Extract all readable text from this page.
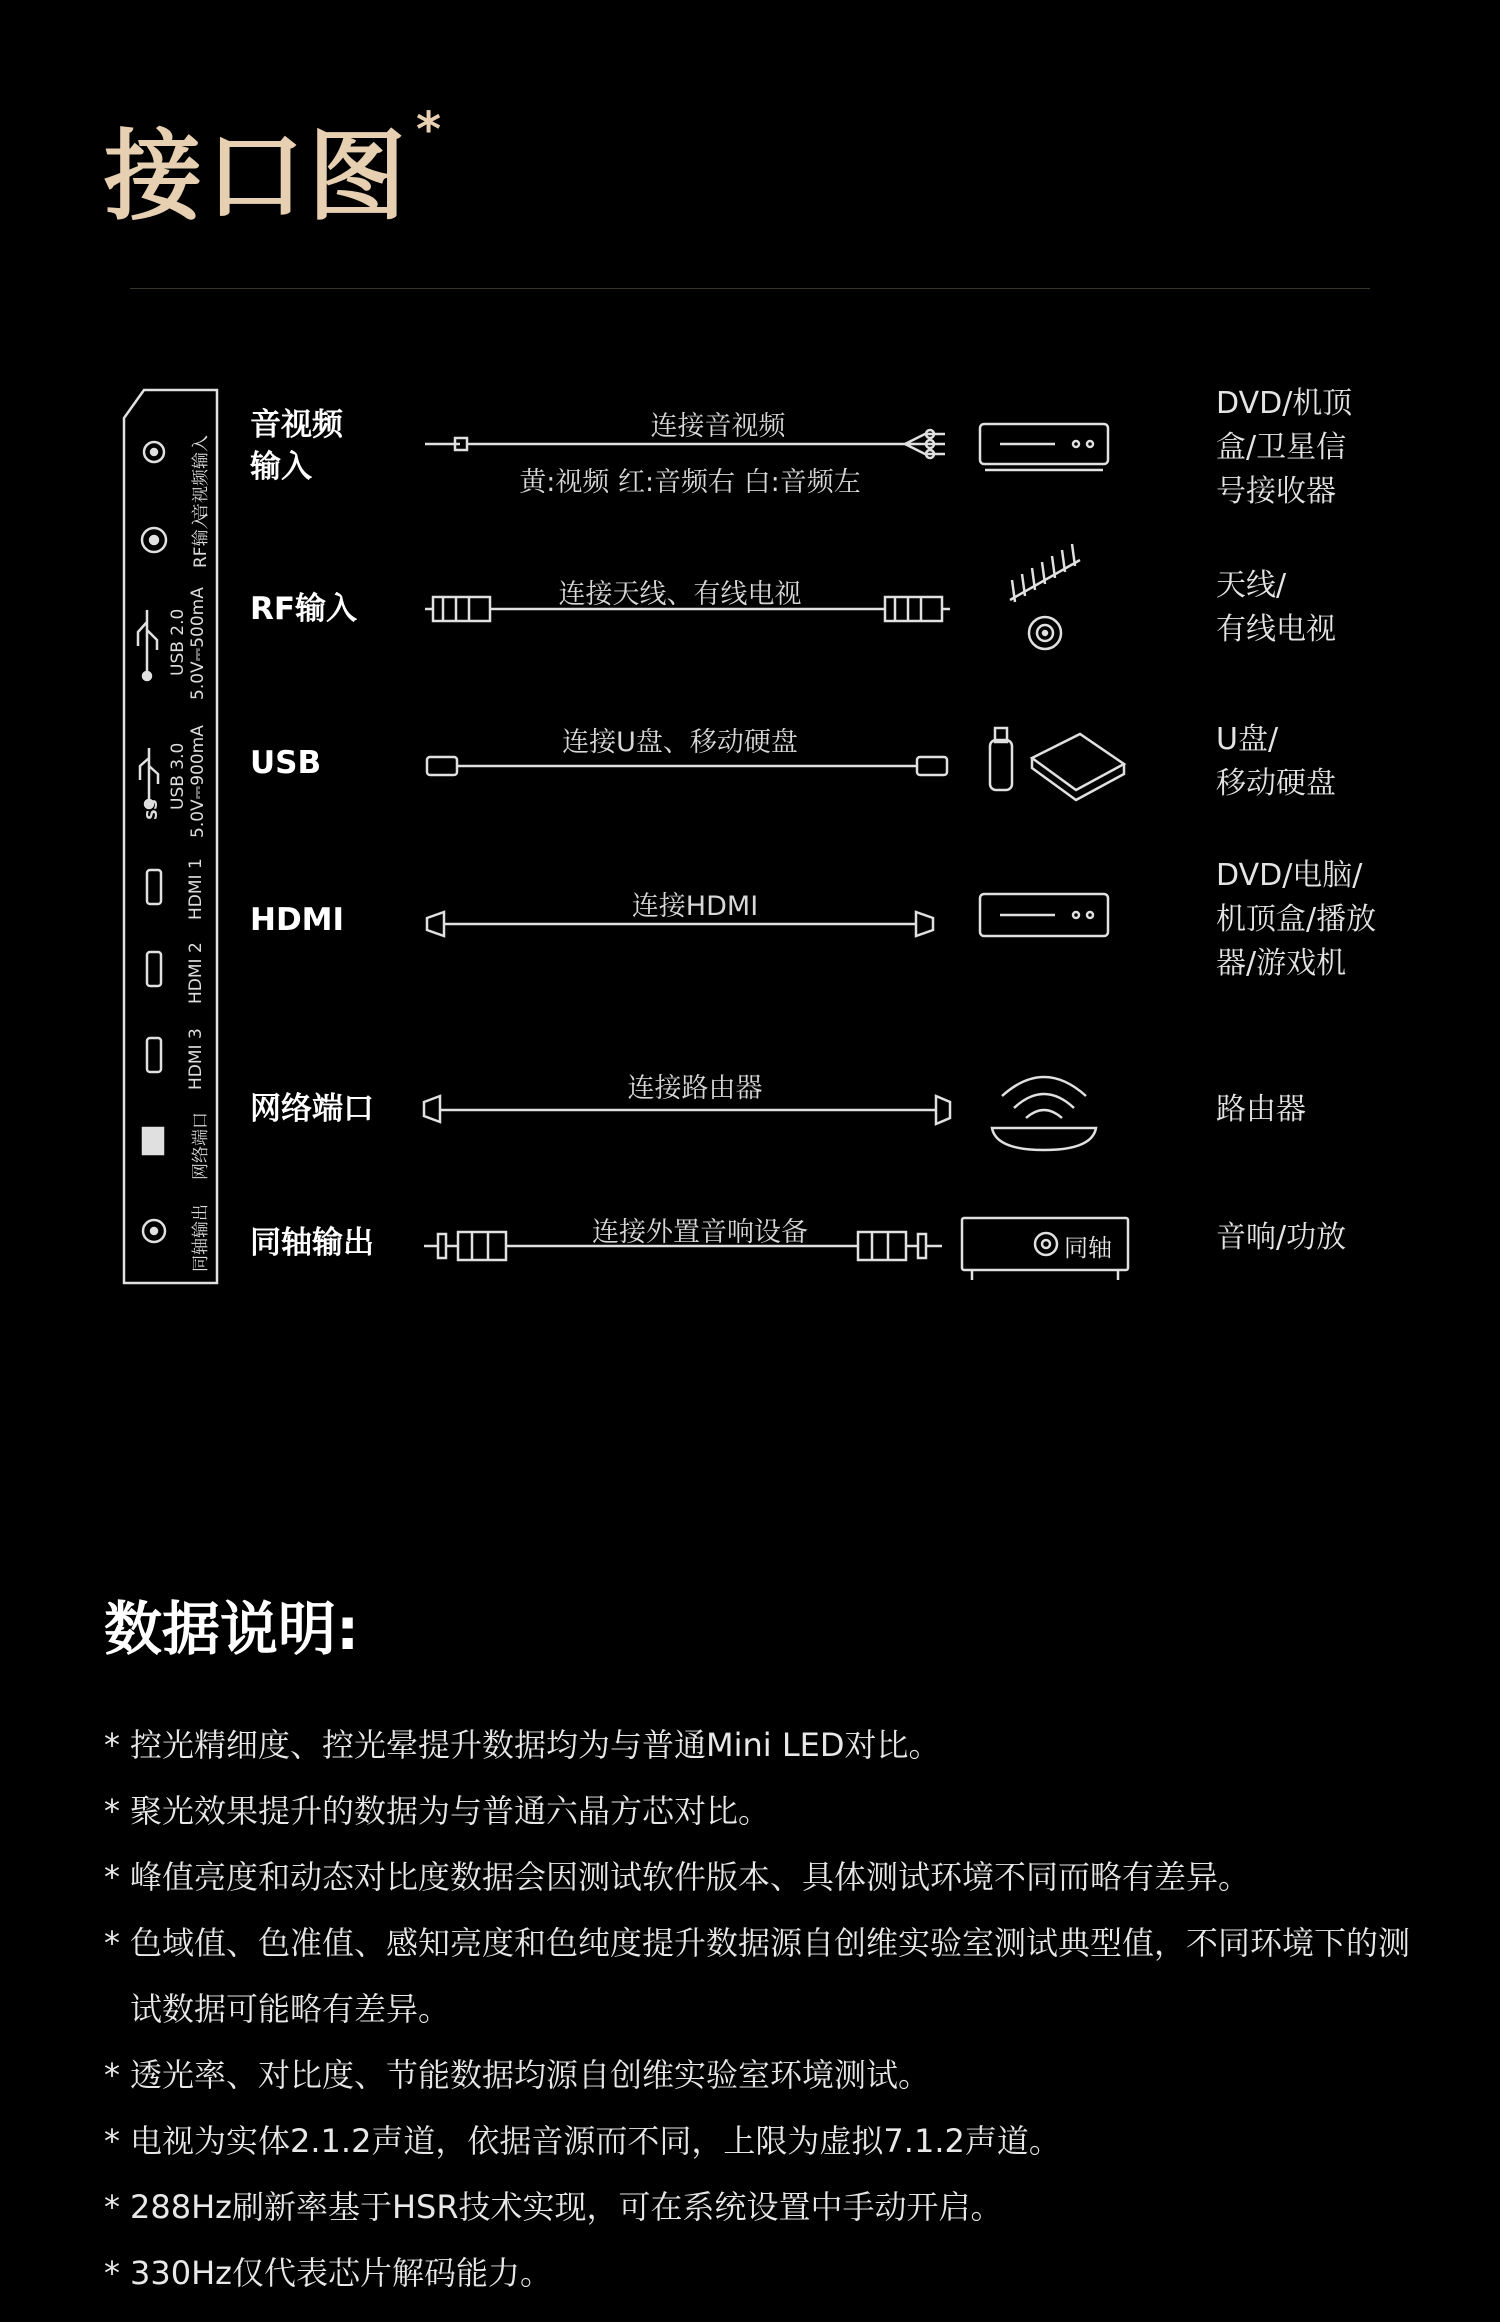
接口图 *
SS
音视频输入
RF输入
USB 2.0 5.0V⎓500mA
USB 3.0 5.0V⎓900mA
HDMI 1
HDMI 2
HDMI 3
网络端口
同轴输出
音视频
输入
RF输入
USB
HDMI
网络端口
同轴输出
连接音视频
黄:视频 红:音频右 白:音频左
连接天线、有线电视
连接U盘、移动硬盘
连接HDMI
连接路由器
连接外置音响设备	同轴
DVD/机顶
盒/卫星信
号接收器
天线/
有线电视
U盘/
移动硬盘
DVD/电脑/
机顶盒/播放
器/游戏机
路由器
音响/功放
数据说明:
* 控光精细度、控光晕提升数据均为与普通Mini LED对比。
* 聚光效果提升的数据为与普通六晶方芯对比。
* 峰值亮度和动态对比度数据会因测试软件版本、具体测试环境不同而略有差异。
* 色域值、色准值、感知亮度和色纯度提升数据源自创维实验室测试典型值，不同环境下的测试数据可能略有差异。
* 透光率、对比度、节能数据均源自创维实验室环境测试。
* 电视为实体2.1.2声道，依据音源而不同，上限为虚拟7.1.2声道。
* 288Hz刷新率基于HSR技术实现，可在系统设置中手动开启。
* 330Hz仅代表芯片解码能力。
